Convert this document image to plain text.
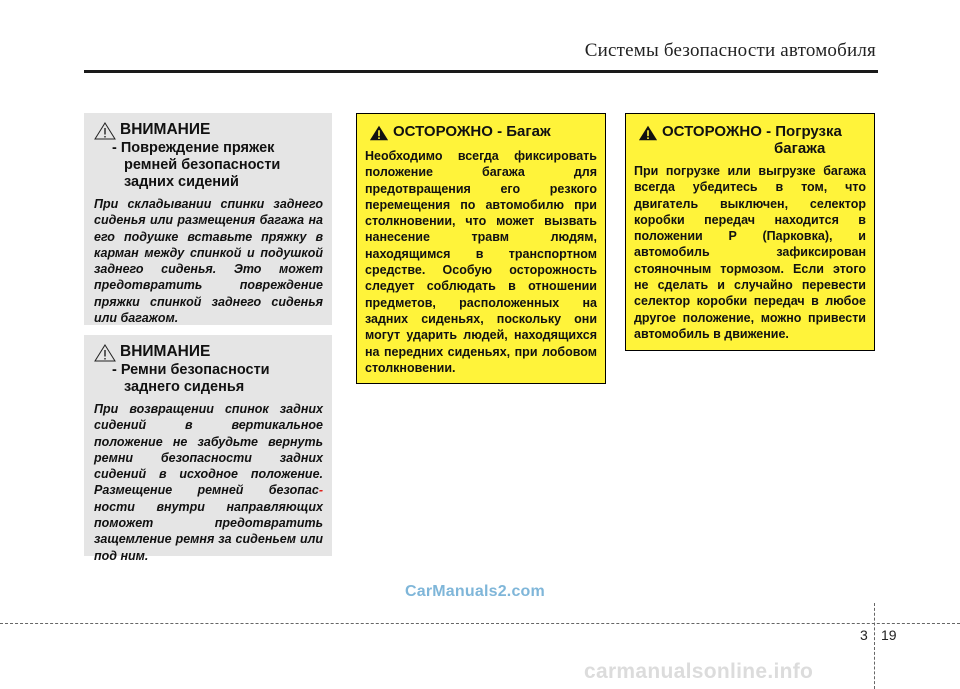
Системы безопасности автомобиля
ВНИМАНИЕ
- Повреждение пряжек ремней безопасности задних сидений
При складывании спинки заднего сиденья или размещения багажа на его подушке вставьте пряжку в карман между спинкой и подушкой заднего сиденья. Это может предотвратить повреждение пряжки спинкой заднего сиденья или багажом.
ВНИМАНИЕ
- Ремни безопасности заднего сиденья
При возвращении спинок задних сидений в вертикальное положение не забудьте вернуть ремни безопасности задних сидений в исходное положение. Размещение ремней безопас- ности внутри направляющих поможет предотвратить защемление ремня за сиденьем или под ним.
ОСТОРОЖНО - Багаж
Необходимо всегда фиксировать положение багажа для предотвращения его резкого перемещения по автомобилю при столкновении, что может вызвать нанесение травм людям, находящимся в транспортном средстве. Особую осторожность следует соблюдать в отношении предметов, расположенных на задних сиденьях, поскольку они могут ударить людей, находящихся на передних сиденьях, при лобовом столкновении.
ОСТОРОЖНО - Погрузка
багажа
При погрузке или выгрузке багажа всегда убедитесь в том, что двигатель выключен, селектор коробки передач находится в положении P (Парковка), и автомобиль зафиксирован стояночным тормозом. Если этого не сделать и случайно перевести селектор коробки передач в любое другое положение, можно привести автомобиль в движение.
CarManuals2.com
3 19
carmanualsonline.info
